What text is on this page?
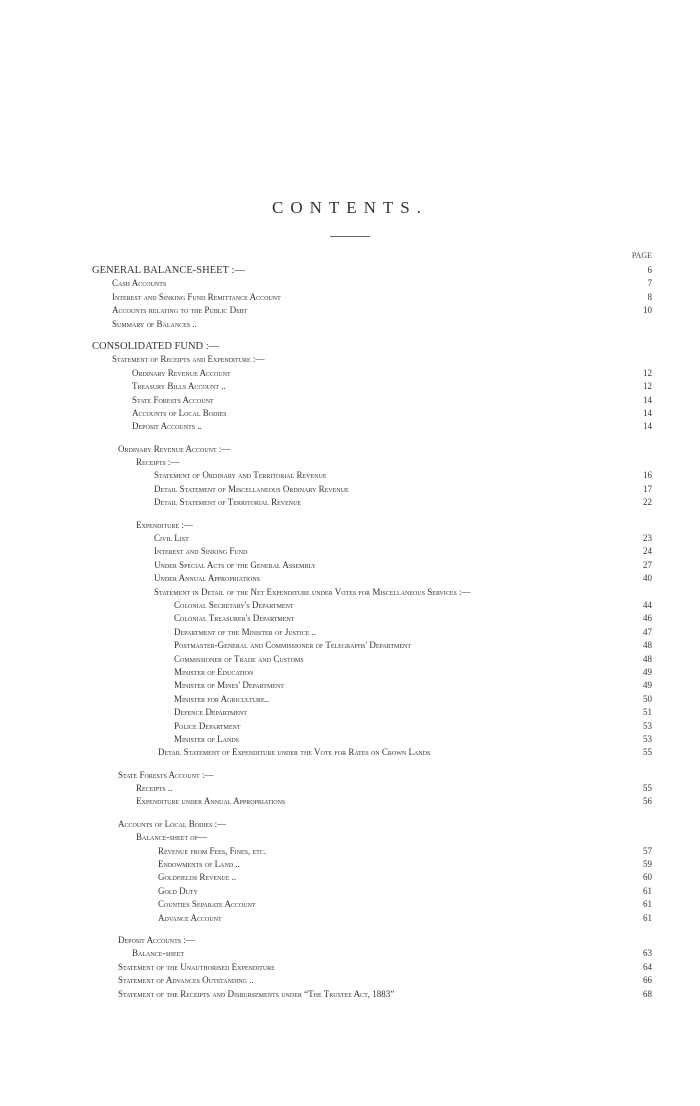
CONTENTS.
PAGE
GENERAL BALANCE-SHEET :—	6
Cash Accounts	7
Interest and Sinking Fund Remittance Account	8
Accounts relating to the Public Debt	10
Summary of Balances ..
CONSOLIDATED FUND :—
Statement of Receipts and Expenditure :—
Ordinary Revenue Account	12
Treasury Bills Account ..	12
State Forests Account	14
Accounts of Local Bodies	14
Deposit Accounts ..	14
Ordinary Revenue Account :—
Receipts :—
Statement of Ordinary and Territorial Revenue	16
Detail Statement of Miscellaneous Ordinary Revenue	17
Detail Statement of Territorial Revenue	22
Expenditure :—
Civil List	23
Interest and Sinking Fund	24
Under Special Acts of the General Assembly	27
Under Annual Appropriations	40
Statement in Detail of the Net Expenditure under Votes for Miscellaneous Services :—
Colonial Secretary's Department	44
Colonial Treasurer's Department	46
Department of the Minister of Justice ..	47
Postmaster-General and Commissioner of Telegraphs' Department	48
Commissioner of Trade and Customs	48
Minister of Education	49
Minister of Mines' Department	49
Minister for Agriculture..	50
Defence Department	51
Police Department	53
Minister of Lands	53
Detail Statement of Expenditure under the Vote for Rates on Crown Lands	55
State Forests Account :—
Receipts ..	55
Expenditure under Annual Appropriations	56
Accounts of Local Bodies :—
Balance-sheet of—
Revenue from Fees, Fines, etc.	57
Endowments of Land ..	59
Goldfields Revenue ..	60
Gold Duty	61
Counties Separate Account	61
Advance Account	61
Deposit Accounts :—
Balance-sheet	63
Statement of the Unauthorised Expenditure	64
Statement of Advances Outstanding ..	66
Statement of the Receipts and Disbursements under “The Trustee Act, 1883”	68
